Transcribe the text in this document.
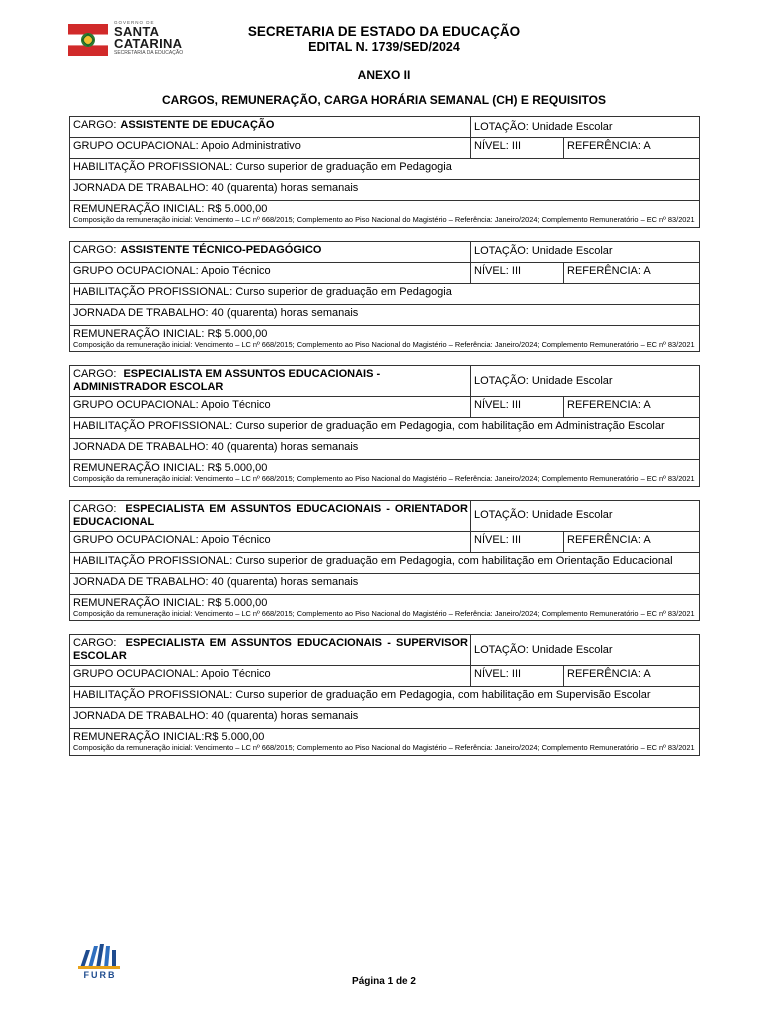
GOVERNO DE
SANTA
CATARINA
SECRETARIA DA EDUCAÇÃO
SECRETARIA DE ESTADO DA EDUCAÇÃO
EDITAL N. 1739/SED/2024
ANEXO II
CARGOS, REMUNERAÇÃO, CARGA HORÁRIA SEMANAL (CH) E REQUISITOS
CARGO: ASSISTENTE DE EDUCAÇÃO	LOTAÇÃO: Unidade Escolar
GRUPO OCUPACIONAL: Apoio Administrativo	NÍVEL: III	REFERÊNCIA: A
HABILITAÇÃO PROFISSIONAL: Curso superior de graduação em Pedagogia
JORNADA DE TRABALHO: 40 (quarenta) horas semanais
REMUNERAÇÃO INICIAL: R$ 5.000,00
Composição da remuneração inicial: Vencimento – LC nº 668/2015; Complemento ao Piso Nacional do Magistério – Referência: Janeiro/2024; Complemento Remuneratório – EC nº 83/2021
CARGO: ASSISTENTE TÉCNICO-PEDAGÓGICO	LOTAÇÃO: Unidade Escolar
GRUPO OCUPACIONAL: Apoio Técnico	NÍVEL: III	REFERÊNCIA: A
HABILITAÇÃO PROFISSIONAL: Curso superior de graduação em Pedagogia
JORNADA DE TRABALHO: 40 (quarenta) horas semanais
REMUNERAÇÃO INICIAL: R$ 5.000,00
Composição da remuneração inicial: Vencimento – LC nº 668/2015; Complemento ao Piso Nacional do Magistério – Referência: Janeiro/2024; Complemento Remuneratório – EC nº 83/2021
CARGO: ESPECIALISTA EM ASSUNTOS EDUCACIONAIS - ADMINISTRADOR ESCOLAR
LOTAÇÃO: Unidade Escolar
GRUPO OCUPACIONAL: Apoio Técnico	NÍVEL: III	REFERENCIA: A
HABILITAÇÃO PROFISSIONAL: Curso superior de graduação em Pedagogia, com habilitação em Administração Escolar
JORNADA DE TRABALHO: 40 (quarenta) horas semanais
REMUNERAÇÃO INICIAL: R$ 5.000,00
Composição da remuneração inicial: Vencimento – LC nº 668/2015; Complemento ao Piso Nacional do Magistério – Referência: Janeiro/2024; Complemento Remuneratório – EC nº 83/2021
CARGO: ESPECIALISTA EM ASSUNTOS EDUCACIONAIS - ORIENTADOR EDUCACIONAL
LOTAÇÃO: Unidade Escolar
GRUPO OCUPACIONAL: Apoio Técnico	NÍVEL: III	REFERÊNCIA: A
HABILITAÇÃO PROFISSIONAL: Curso superior de graduação em Pedagogia, com habilitação em Orientação Educacional
JORNADA DE TRABALHO: 40 (quarenta) horas semanais
REMUNERAÇÃO INICIAL: R$ 5.000,00
Composição da remuneração inicial: Vencimento – LC nº 668/2015; Complemento ao Piso Nacional do Magistério – Referência: Janeiro/2024; Complemento Remuneratório – EC nº 83/2021
CARGO: ESPECIALISTA EM ASSUNTOS EDUCACIONAIS - SUPERVISOR ESCOLAR
LOTAÇÃO: Unidade Escolar
GRUPO OCUPACIONAL: Apoio Técnico	NÍVEL: III	REFERÊNCIA: A
HABILITAÇÃO PROFISSIONAL: Curso superior de graduação em Pedagogia, com habilitação em Supervisão Escolar
JORNADA DE TRABALHO: 40 (quarenta) horas semanais
REMUNERAÇÃO INICIAL:R$ 5.000,00
Composição da remuneração inicial: Vencimento – LC nº 668/2015; Complemento ao Piso Nacional do Magistério – Referência: Janeiro/2024; Complemento Remuneratório – EC nº 83/2021
FURB
Página 1 de 2
